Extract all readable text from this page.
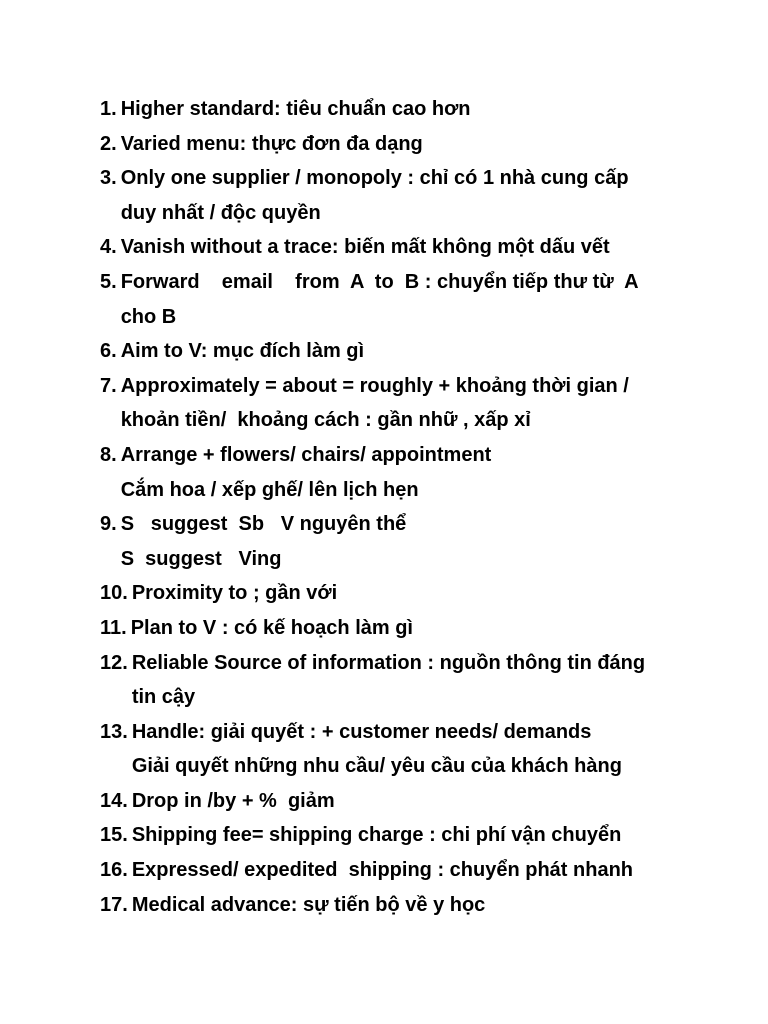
1. Higher standard: tiêu chuẩn cao hơn
2. Varied menu: thực đơn đa dạng
3. Only one supplier / monopoly : chỉ có 1 nhà cung cấp
duy nhất / độc quyền
4. Vanish without a trace: biến mất không một dấu vết
5. Forward    email    from  A  to  B : chuyển tiếp thư từ  A
cho B
6. Aim to V: mục đích làm gì
7. Approximately = about = roughly + khoảng thời gian /
khoản tiền/  khoảng cách : gần nhữ , xấp xỉ
8. Arrange + flowers/ chairs/ appointment
Cắm hoa / xếp ghế/ lên lịch hẹn
9. S   suggest  Sb   V nguyên thể
S  suggest   Ving
10. Proximity to ; gần với
11. Plan to V : có kế hoạch làm gì
12. Reliable Source of information : nguồn thông tin đáng
tin cậy
13. Handle: giải quyết : + customer needs/ demands
Giải quyết những nhu cầu/ yêu cầu của khách hàng
14. Drop in /by + %  giảm
15. Shipping fee= shipping charge : chi phí vận chuyển
16. Expressed/ expedited  shipping : chuyển phát nhanh
17. Medical advance: sự tiến bộ về y học
